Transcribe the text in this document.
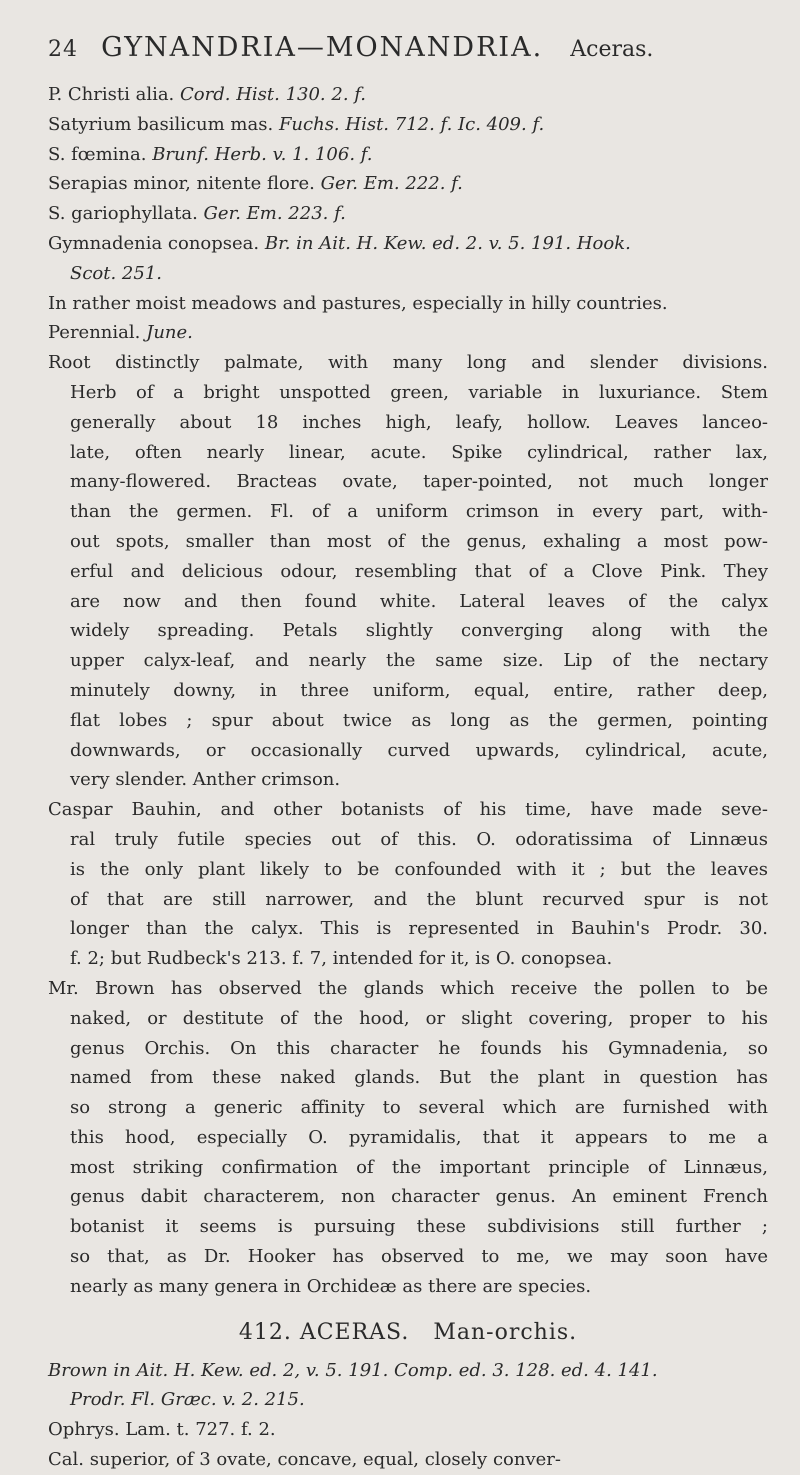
24 GYNANDRIA—MONANDRIA. Aceras.
P. Christi alia. Cord. Hist. 130. 2. f.
Satyrium basilicum mas. Fuchs. Hist. 712. f. Ic. 409. f.
S. fœmina. Brunf. Herb. v. 1. 106. f.
Serapias minor, nitente flore. Ger. Em. 222. f.
S. gariophyllata. Ger. Em. 223. f.
Gymnadenia conopsea. Br. in Ait. H. Kew. ed. 2. v. 5. 191. Hook.
Scot. 251.
In rather moist meadows and pastures, especially in hilly countries.
Perennial. June.
Root distinctly palmate, with many long and slender divisions.
Herb of a bright unspotted green, variable in luxuriance. Stem
generally about 18 inches high, leafy, hollow. Leaves lanceo-
late, often nearly linear, acute. Spike cylindrical, rather lax,
many-flowered. Bracteas ovate, taper-pointed, not much longer
than the germen. Fl. of a uniform crimson in every part, with-
out spots, smaller than most of the genus, exhaling a most pow-
erful and delicious odour, resembling that of a Clove Pink. They
are now and then found white. Lateral leaves of the calyx
widely spreading. Petals slightly converging along with the
upper calyx-leaf, and nearly the same size. Lip of the nectary
minutely downy, in three uniform, equal, entire, rather deep,
flat lobes ; spur about twice as long as the germen, pointing
downwards, or occasionally curved upwards, cylindrical, acute,
very slender. Anther crimson.
Caspar Bauhin, and other botanists of his time, have made seve-
ral truly futile species out of this. O. odoratissima of Linnæus
is the only plant likely to be confounded with it ; but the leaves
of that are still narrower, and the blunt recurved spur is not
longer than the calyx. This is represented in Bauhin's Prodr. 30.
f. 2; but Rudbeck's 213. f. 7, intended for it, is O. conopsea.
Mr. Brown has observed the glands which receive the pollen to be
naked, or destitute of the hood, or slight covering, proper to his
genus Orchis. On this character he founds his Gymnadenia, so
named from these naked glands. But the plant in question has
so strong a generic affinity to several which are furnished with
this hood, especially O. pyramidalis, that it appears to me a
most striking confirmation of the important principle of Linnæus,
genus dabit characterem, non character genus. An eminent French
botanist it seems is pursuing these subdivisions still further ;
so that, as Dr. Hooker has observed to me, we may soon have
nearly as many genera in Orchideæ as there are species.
412. ACERAS. Man-orchis.
Brown in Ait. H. Kew. ed. 2, v. 5. 191. Comp. ed. 3. 128. ed. 4. 141.
Prodr. Fl. Græc. v. 2. 215.
Ophrys. Lam. t. 727. f. 2.
Cal. superior, of 3 ovate, concave, equal, closely conver-
